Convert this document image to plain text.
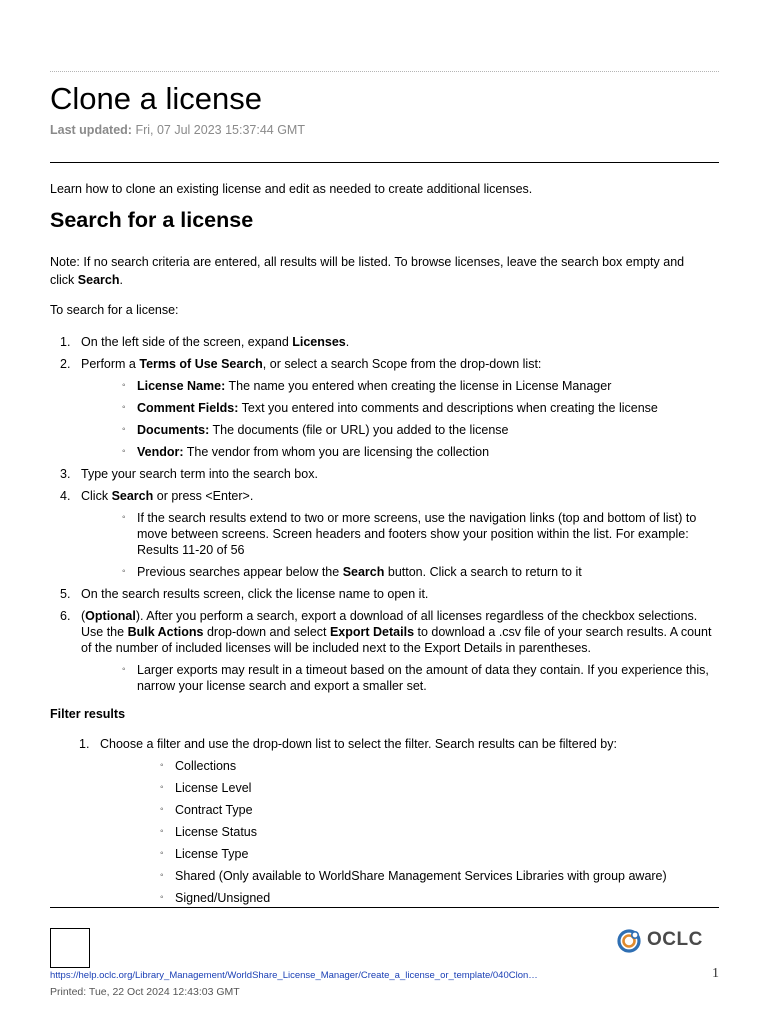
Clone a license
Last updated: Fri, 07 Jul 2023 15:37:44 GMT
Learn how to clone an existing license and edit as needed to create additional licenses.
Search for a license
Note: If no search criteria are entered, all results will be listed. To browse licenses, leave the search box empty and click Search.
To search for a license:
1. On the left side of the screen, expand Licenses.
2. Perform a Terms of Use Search, or select a search Scope from the drop-down list:
◦ License Name: The name you entered when creating the license in License Manager
◦ Comment Fields: Text you entered into comments and descriptions when creating the license
◦ Documents: The documents (file or URL) you added to the license
◦ Vendor: The vendor from whom you are licensing the collection
3. Type your search term into the search box.
4. Click Search or press <Enter>.
◦ If the search results extend to two or more screens, use the navigation links (top and bottom of list) to move between screens. Screen headers and footers show your position within the list. For example: Results 11-20 of 56
◦ Previous searches appear below the Search button. Click a search to return to it
5. On the search results screen, click the license name to open it.
6. (Optional). After you perform a search, export a download of all licenses regardless of the checkbox selections. Use the Bulk Actions drop-down and select Export Details to download a .csv file of your search results. A count of the number of included licenses will be included next to the Export Details in parentheses.
◦ Larger exports may result in a timeout based on the amount of data they contain. If you experience this, narrow your license search and export a smaller set.
Filter results
1. Choose a filter and use the drop-down list to select the filter. Search results can be filtered by:
◦ Collections
◦ License Level
◦ Contract Type
◦ License Status
◦ License Type
◦ Shared (Only available to WorldShare Management Services Libraries with group aware)
◦ Signed/Unsigned
OCLC
https://help.oclc.org/Library_Management/WorldShare_License_Manager/Create_a_license_or_template/040Clon…	1
Printed: Tue, 22 Oct 2024 12:43:03 GMT
